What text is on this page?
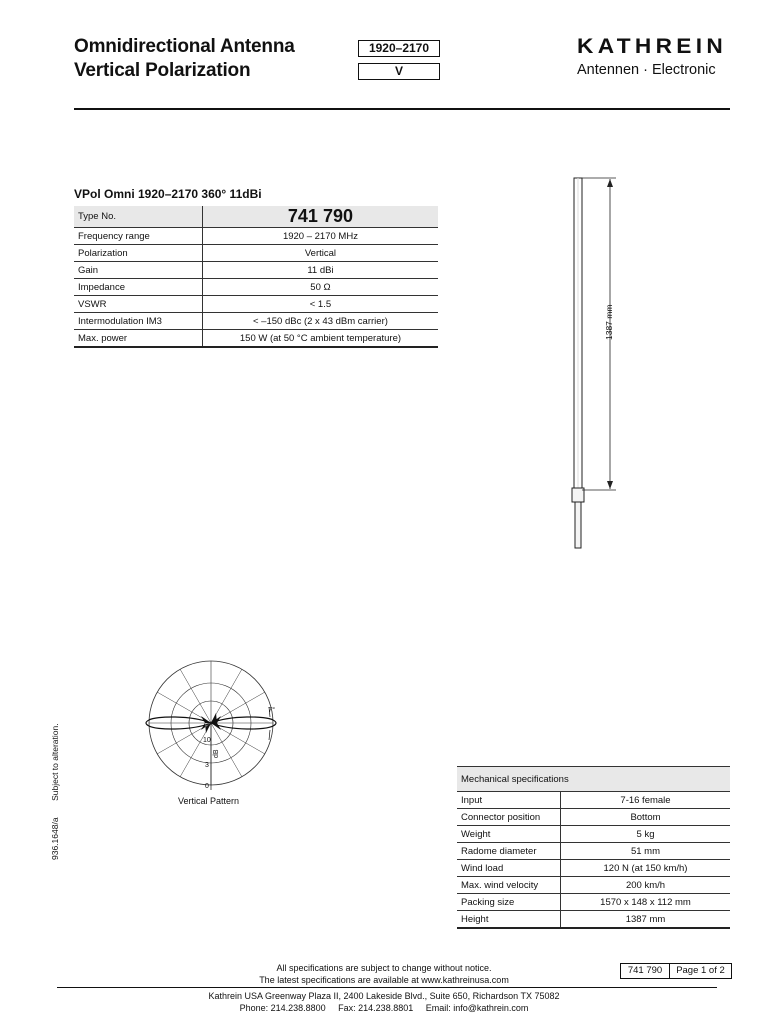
Omnidirectional Antenna
Vertical Polarization
1920–2170
V
KATHREIN
Antennen · Electronic
VPol Omni 1920–2170 360° 11dBi
Type No.	741 790
Frequency range	1920 – 2170 MHz
Polarization	Vertical
Gain	11 dBi
Impedance	50 Ω
VSWR	< 1.5
Intermodulation IM3	< –150 dBc (2 x 43 dBm carrier)
Max. power	150 W (at 50 °C ambient temperature)	1387 mm
7°
10
3
dB
0
Vertical Pattern
936.1648/a       Subject to alteration.	Mechanical specifications	
Input	7-16 female
Connector position	Bottom
Weight	5 kg
Radome diameter	51 mm
Wind load	120 N (at 150 km/h)
Max. wind velocity	200 km/h
Packing size	1570 x 148 x 112 mm
Height	1387 mm
All specifications are subject to change without notice.
The latest specifications are available at www.kathreinusa.com
741 790	Page 1 of 2
Kathrein USA Greenway Plaza II, 2400 Lakeside Blvd., Suite 650, Richardson TX 75082
Phone: 214.238.8800     Fax: 214.238.8801     Email: info@kathrein.com
